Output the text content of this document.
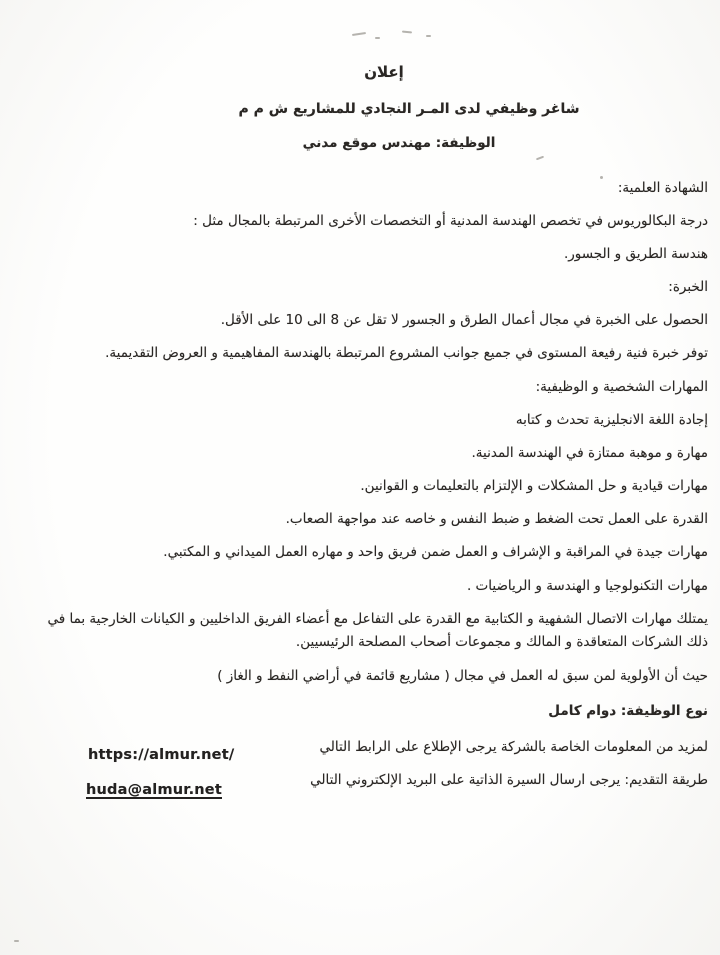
إعلان
شاغر وظيفي لدى المـر النجادي للمشاريع ش م م
الوظيفة: مهندس موقع مدني
الشهادة العلمية:
درجة البكالوريوس في تخصص الهندسة المدنية أو التخصصات الأخرى المرتبطة بالمجال مثل :
هندسة الطريق و الجسور.
الخبرة:
الحصول على الخبرة في مجال أعمال الطرق و الجسور لا تقل عن 8 الى 10 على الأقل.
توفر خبرة فنية رفيعة المستوى في جميع جوانب المشروع المرتبطة بالهندسة المفاهيمية و العروض التقديمية.
المهارات الشخصية و الوظيفية:
إجادة اللغة الانجليزية تحدث و كتابه
مهارة و موهبة ممتازة في الهندسة المدنية.
مهارات قيادية و حل المشكلات و الإلتزام بالتعليمات و القوانين.
القدرة على العمل تحت الضغط و ضبط النفس و خاصه عند مواجهة الصعاب.
مهارات جيدة في المراقبة و الإشراف و العمل ضمن فريق واحد و مهاره العمل الميداني و المكتبي.
مهارات التكنولوجيا و الهندسة و الرياضيات .
يمتلك مهارات الاتصال الشفهية و الكتابية مع القدرة على التفاعل مع أعضاء الفريق الداخليين و الكيانات الخارجية بما في
ذلك الشركات المتعاقدة و المالك و مجموعات أصحاب المصلحة الرئيسيين.
حيث أن الأولوية لمن سبق له العمل في مجال ( مشاريع قائمة في أراضي النفط و الغاز )
نوع الوظيفة: دوام كامل
لمزيد من المعلومات الخاصة بالشركة يرجى الإطلاع على الرابط التالي
https://almur.net/
طريقة التقديم: يرجى ارسال السيرة الذاتية على البريد الإلكتروني التالي
huda@almur.net
